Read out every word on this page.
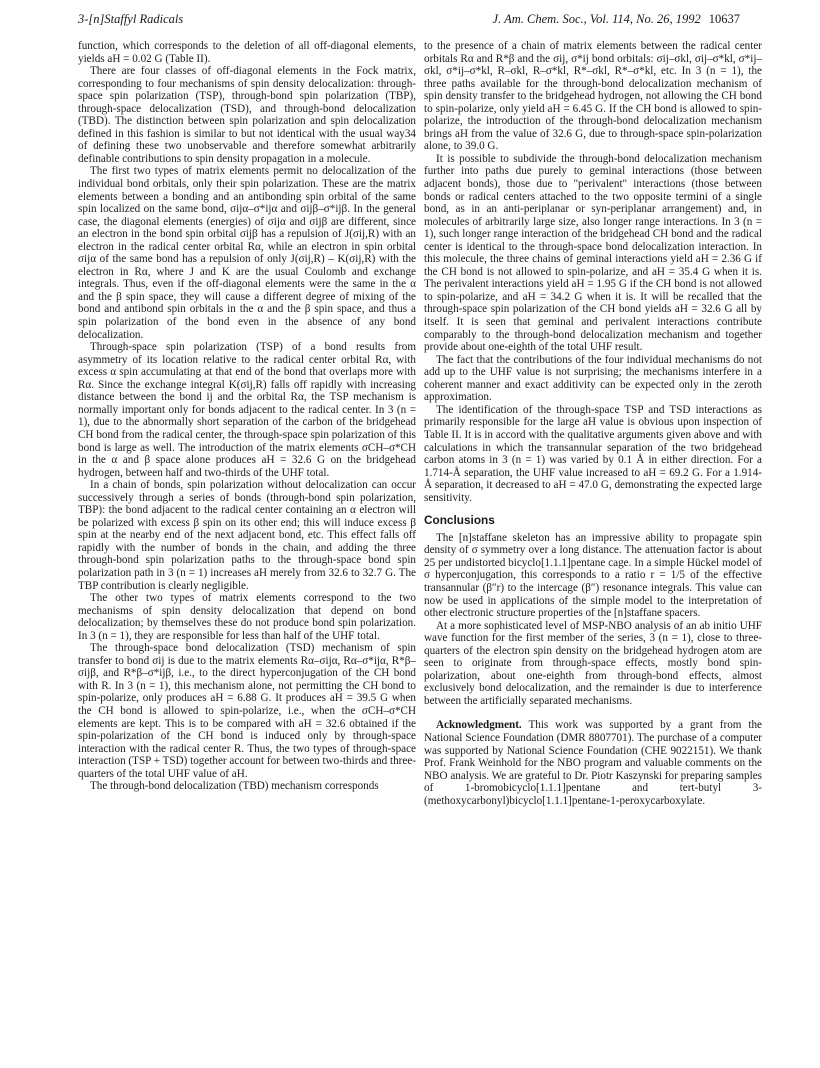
3-[n]Staffyl Radicals	J. Am. Chem. Soc., Vol. 114, No. 26, 1992 10637

function, which corresponds to the deletion of all off-diagonal elements, yields aH = 0.02 G (Table II).

There are four classes of off-diagonal elements in the Fock matrix, corresponding to four mechanisms of spin density delocalization: through-space spin polarization (TSP), through-bond spin polarization (TBP), through-space delocalization (TSD), and through-bond delocalization (TBD). The distinction between spin polarization and spin delocalization defined in this fashion is similar to but not identical with the usual way34 of defining these two unobservable and therefore somewhat arbitrarily definable contributions to spin density propagation in a molecule.

The first two types of matrix elements permit no delocalization of the individual bond orbitals, only their spin polarization. These are the matrix elements between a bonding and an antibonding spin orbital of the same spin localized on the same bond, σijα–σ*ijα and σijβ–σ*ijβ. In the general case, the diagonal elements (energies) of σijα and σijβ are different, since an electron in the bond spin orbital σijβ has a repulsion of J(σij,R) with an electron in the radical center orbital Rα, while an electron in spin orbital σijα of the same bond has a repulsion of only J(σij,R) – K(σij,R) with the electron in Rα, where J and K are the usual Coulomb and exchange integrals. Thus, even if the off-diagonal elements were the same in the α and the β spin space, they will cause a different degree of mixing of the bond and antibond spin orbitals in the α and the β spin space, and thus a spin polarization of the bond even in the absence of any bond delocalization.

Through-space spin polarization (TSP) of a bond results from asymmetry of its location relative to the radical center orbital Rα, with excess α spin accumulating at that end of the bond that overlaps more with Rα. Since the exchange integral K(σij,R) falls off rapidly with increasing distance between the bond ij and the orbital Rα, the TSP mechanism is normally important only for bonds adjacent to the radical center. In 3 (n = 1), due to the abnormally short separation of the carbon of the bridgehead CH bond from the radical center, the through-space spin polarization of this bond is large as well. The introduction of the matrix elements σCH–σ*CH in the α and β space alone produces aH = 32.6 G on the bridgehead hydrogen, between half and two-thirds of the UHF total.

In a chain of bonds, spin polarization without delocalization can occur successively through a series of bonds (through-bond spin polarization, TBP): the bond adjacent to the radical center containing an α electron will be polarized with excess β spin on its other end; this will induce excess β spin at the nearby end of the next adjacent bond, etc. This effect falls off rapidly with the number of bonds in the chain, and adding the three through-bond spin polarization paths to the through-space bond spin polarization path in 3 (n = 1) increases aH merely from 32.6 to 32.7 G. The TBP contribution is clearly negligible.

The other two types of matrix elements correspond to the two mechanisms of spin density delocalization that depend on bond delocalization; by themselves these do not produce bond spin polarization. In 3 (n = 1), they are responsible for less than half of the UHF total.

The through-space bond delocalization (TSD) mechanism of spin transfer to bond σij is due to the matrix elements Rα–σijα, Rα–σ*ijα, R*β–σijβ, and R*β–σ*ijβ, i.e., to the direct hyperconjugation of the CH bond with R. In 3 (n = 1), this mechanism alone, not permitting the CH bond to spin-polarize, only produces aH = 6.88 G. It produces aH = 39.5 G when the CH bond is allowed to spin-polarize, i.e., when the σCH–σ*CH elements are kept. This is to be compared with aH = 32.6 obtained if the spin-polarization of the CH bond is induced only by through-space interaction with the radical center R. Thus, the two types of through-space interaction (TSP + TSD) together account for between two-thirds and three-quarters of the total UHF value of aH.

The through-bond delocalization (TBD) mechanism corresponds

to the presence of a chain of matrix elements between the radical center orbitals Rα and R*β and the σij, σ*ij bond orbitals: σij–σkl, σij–σ*kl, σ*ij–σkl, σ*ij–σ*kl, R–σkl, R–σ*kl, R*–σkl, R*–σ*kl, etc. In 3 (n = 1), the three paths available for the through-bond delocalization mechanism of spin density transfer to the bridgehead hydrogen, not allowing the CH bond to spin-polarize, only yield aH = 6.45 G. If the CH bond is allowed to spin-polarize, the introduction of the through-bond delocalization mechanism brings aH from the value of 32.6 G, due to through-space spin-polarization alone, to 39.0 G.

It is possible to subdivide the through-bond delocalization mechanism further into paths due purely to geminal interactions (those between adjacent bonds), those due to "perivalent" interactions (those between bonds or radical centers attached to the two opposite termini of a single bond, as in an anti-periplanar or syn-periplanar arrangement) and, in molecules of arbitrarily large size, also longer range interactions. In 3 (n = 1), such longer range interaction of the bridgehead CH bond and the radical center is identical to the through-space bond delocalization interaction. In this molecule, the three chains of geminal interactions yield aH = 2.36 G if the CH bond is not allowed to spin-polarize, and aH = 35.4 G when it is. The perivalent interactions yield aH = 1.95 G if the CH bond is not allowed to spin-polarize, and aH = 34.2 G when it is. It will be recalled that the through-space spin polarization of the CH bond yields aH = 32.6 G all by itself. It is seen that geminal and perivalent interactions contribute comparably to the through-bond delocalization mechanism and together provide about one-eighth of the total UHF result.

The fact that the contributions of the four individual mechanisms do not add up to the UHF value is not surprising; the mechanisms interfere in a coherent manner and exact additivity can be expected only in the zeroth approximation.

The identification of the through-space TSP and TSD interactions as primarily responsible for the large aH value is obvious upon inspection of Table II. It is in accord with the qualitative arguments given above and with calculations in which the transannular separation of the two bridgehead carbon atoms in 3 (n = 1) was varied by 0.1 Å in either direction. For a 1.714-Å separation, the UHF value increased to aH = 69.2 G. For a 1.914-Å separation, it decreased to aH = 47.0 G, demonstrating the expected large sensitivity.

Conclusions

The [n]staffane skeleton has an impressive ability to propagate spin density of σ symmetry over a long distance. The attenuation factor is about 25 per undistorted bicyclo[1.1.1]pentane cage. In a simple Hückel model of σ hyperconjugation, this corresponds to a ratio r = 1/5 of the effective transannular (β″r) to the intercage (β″) resonance integrals. This value can now be used in applications of the simple model to the interpretation of other electronic structure properties of the [n]staffane spacers.

At a more sophisticated level of MSP-NBO analysis of an ab initio UHF wave function for the first member of the series, 3 (n = 1), close to three-quarters of the electron spin density on the bridgehead hydrogen atom are seen to originate from through-space effects, mostly bond spin-polarization, about one-eighth from through-bond effects, almost exclusively bond delocalization, and the remainder is due to interference between the artificially separated mechanisms.

Acknowledgment. This work was supported by a grant from the National Science Foundation (DMR 8807701). The purchase of a computer was supported by National Science Foundation (CHE 9022151). We thank Prof. Frank Weinhold for the NBO program and valuable comments on the NBO analysis. We are grateful to Dr. Piotr Kaszynski for preparing samples of 1-bromobicyclo[1.1.1]pentane and tert-butyl 3-(methoxycarbonyl)bicyclo[1.1.1]pentane-1-peroxycarboxylate.
